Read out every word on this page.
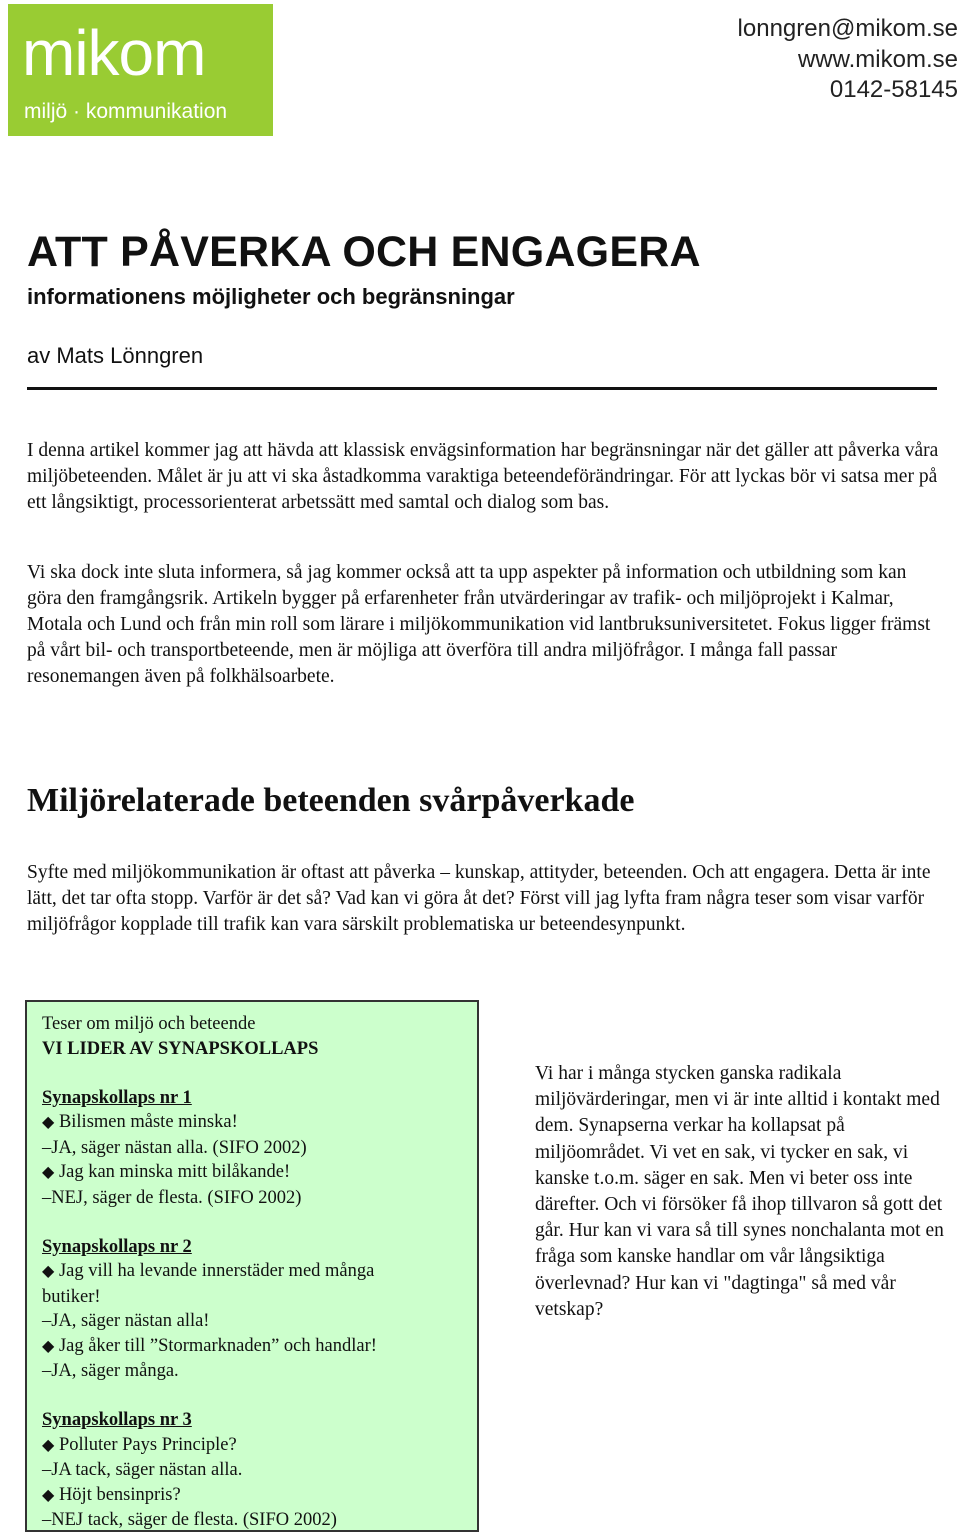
mikom
miljö · kommunikation
lonngren@mikom.se
www.mikom.se
0142-58145
ATT PÅVERKA OCH ENGAGERA
informationens möjligheter och begränsningar

av Mats Lönngren

I denna artikel kommer jag att hävda att klassisk envägsinformation har begränsningar när det gäller att påverka våra miljöbeteenden. Målet är ju att vi ska åstadkomma varaktiga beteendeförändringar. För att lyckas bör vi satsa mer på ett långsiktigt, processorienterat arbetssätt med samtal och dialog som bas.

Vi ska dock inte sluta informera, så jag kommer också att ta upp aspekter på information och utbildning som kan göra den framgångsrik. Artikeln bygger på erfarenheter från utvärderingar av trafik- och miljöprojekt i Kalmar, Motala och Lund och från min roll som lärare i miljökommunikation vid lantbruksuniversitetet. Fokus ligger främst på vårt bil- och transportbeteende, men är möjliga att överföra till andra miljöfrågor. I många fall passar resonemangen även på folkhälsoarbete.

Miljörelaterade beteenden svårpåverkade

Syfte med miljökommunikation är oftast att påverka – kunskap, attityder, beteenden. Och att engagera. Detta är inte lätt, det tar ofta stopp. Varför är det så? Vad kan vi göra åt det? Först vill jag lyfta fram några teser som visar varför miljöfrågor kopplade till trafik kan vara särskilt problematiska ur beteendesynpunkt.

Teser om miljö och beteende
VI LIDER AV SYNAPSKOLLAPS
Synapskollaps nr 1
◆ Bilismen måste minska!
–JA, säger nästan alla. (SIFO 2002)
◆ Jag kan minska mitt bilåkande!
–NEJ, säger de flesta. (SIFO 2002)
Synapskollaps nr 2
◆ Jag vill ha levande innerstäder med många
butiker!
–JA, säger nästan alla!
◆ Jag åker till ”Stormarknaden” och handlar!
–JA, säger många.
Synapskollaps nr 3
◆ Polluter Pays Principle?
–JA tack, säger nästan alla.
◆ Höjt bensinpris?
–NEJ tack, säger de flesta. (SIFO 2002)

Vi har i många stycken ganska radikala miljövärderingar, men vi är inte alltid i kontakt med dem. Synapserna verkar ha kollapsat på miljöområdet. Vi vet en sak, vi tycker en sak, vi kanske t.o.m. säger en sak. Men vi beter oss inte därefter. Och vi försöker få ihop tillvaron så gott det går. Hur kan vi vara så till synes nonchalanta mot en fråga som kanske handlar om vår långsiktiga överlevnad? Hur kan vi "dagtinga" så med vår vetskap?
